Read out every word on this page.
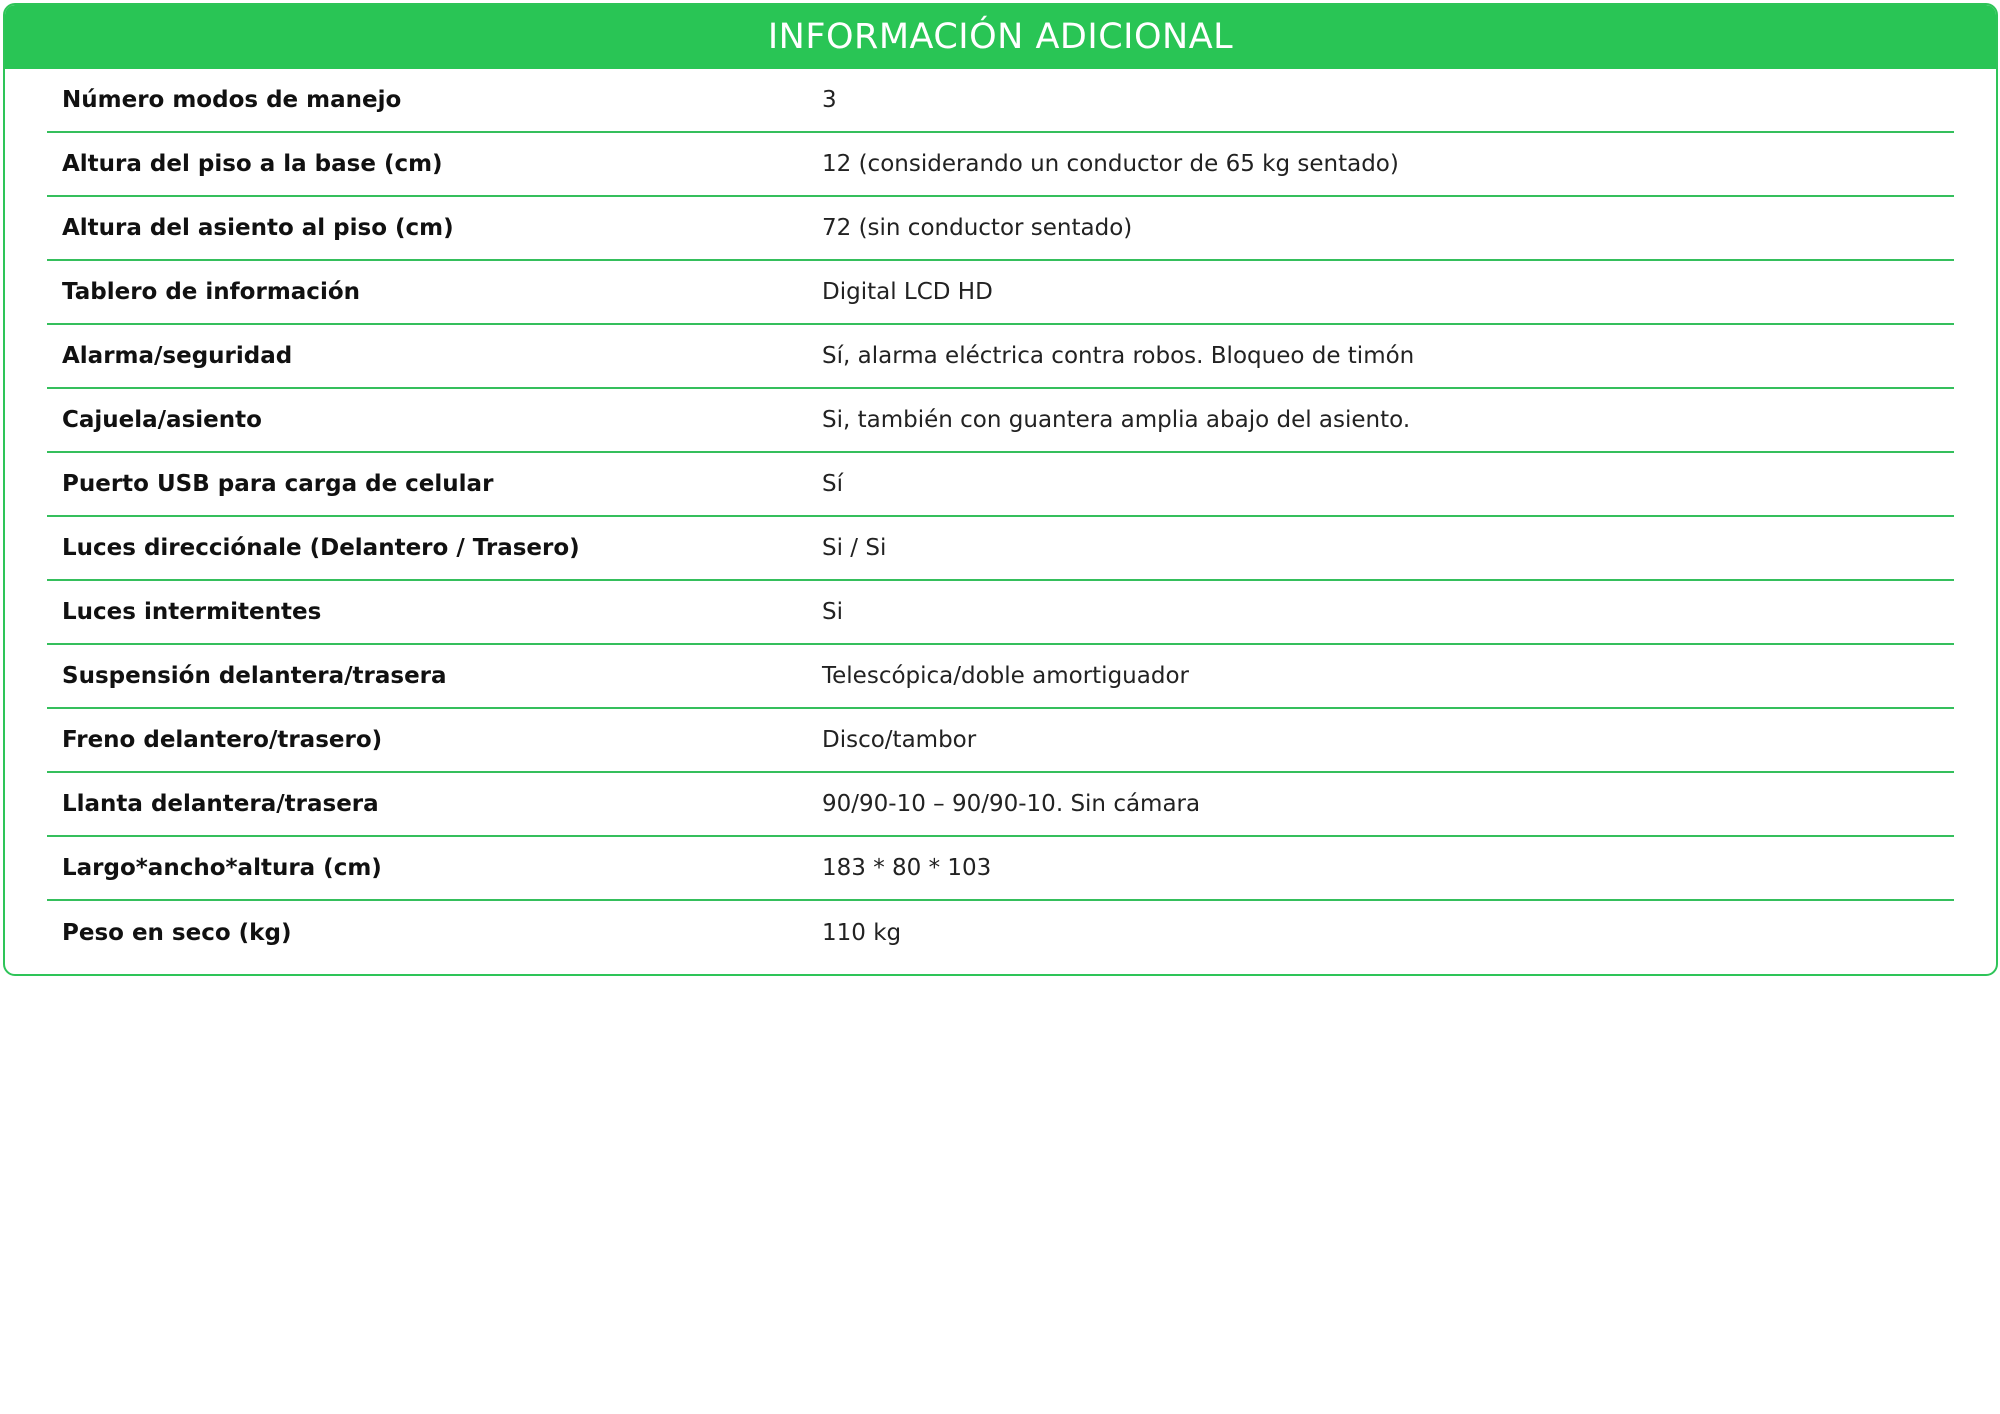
INFORMACIÓN ADICIONAL
Número modos de manejo	3
Altura del piso a la base (cm)	12 (considerando un conductor de 65 kg sentado)
Altura del asiento al piso (cm)	72 (sin conductor sentado)
Tablero de información	Digital LCD HD
Alarma/seguridad	Sí, alarma eléctrica contra robos. Bloqueo de timón
Cajuela/asiento	Si, también con guantera amplia abajo del asiento.
Puerto USB para carga de celular	Sí
Luces direcciónale (Delantero / Trasero)	Si / Si
Luces intermitentes	Si
Suspensión delantera/trasera	Telescópica/doble amortiguador
Freno delantero/trasero)	Disco/tambor
Llanta delantera/trasera	90/90-10 – 90/90-10. Sin cámara
Largo*ancho*altura (cm)	183 * 80 * 103
Peso en seco (kg)	110 kg
